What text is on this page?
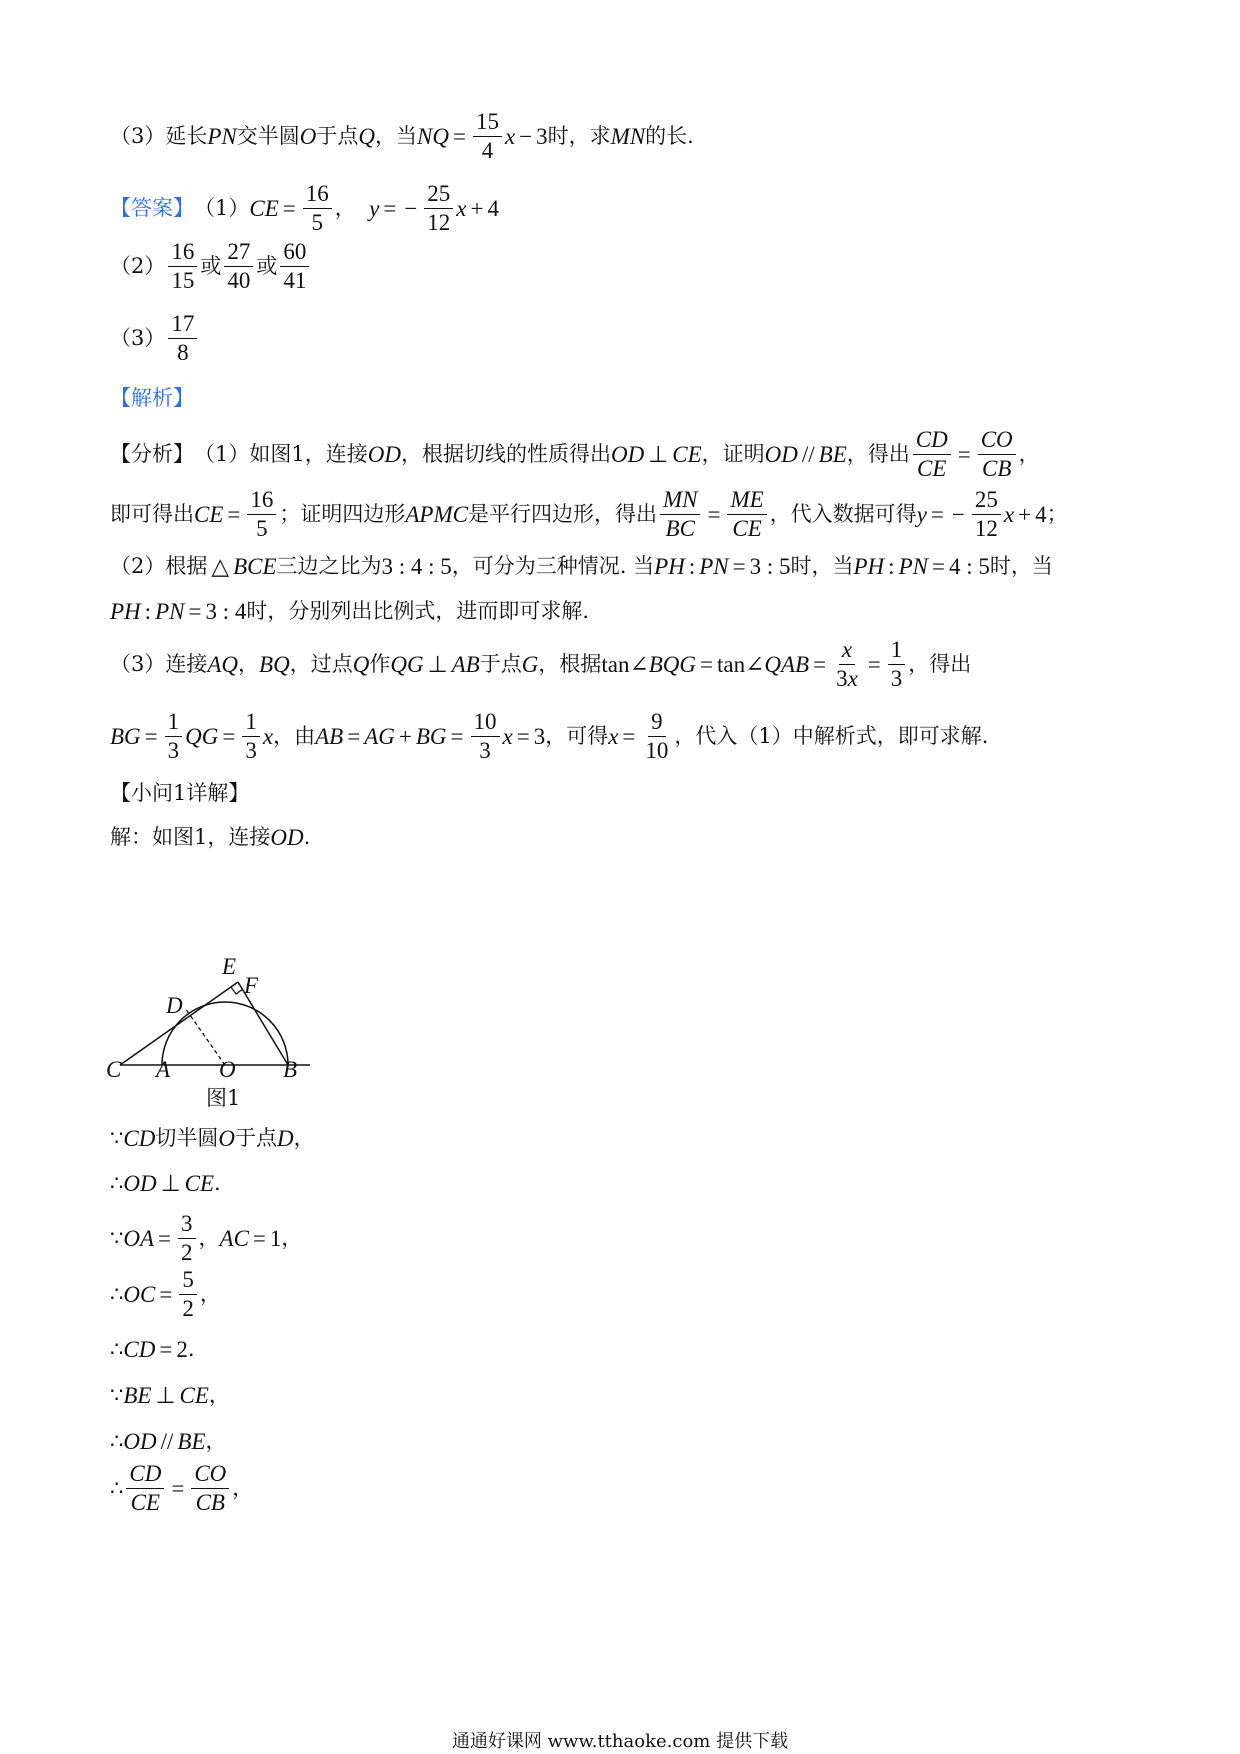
（3）延长 PN 交半圆 O 于点 Q ，当 NQ = $\frac{15}{4}$ x − 3 时，求 MN 的长.
【答案】 （1） CE = $\frac{16}{5}$ ，
y = − $\frac{25}{12}$ x + 4
$(2) \frac{16}{15}$ 或 $\frac{27}{40}$ 或 $\frac{60}{41}$
$(3) \frac{17}{8}$
【解析】
【分析】 （1）如图1，连接 OD ，根据切线的性质得出 OD ⊥ CE ，证明 OD // BE ，得出 $\frac{CD}{CE} = \frac{CO}{CB}$ ，
即可得出 CE = $\frac{16}{5}$ ；证明四边形 APMC 是平行四边形，得出 $\frac{MN}{BC} = \frac{ME}{CE}$ ，代入数据可得 y = − $\frac{25}{12}$ x + 4 ；
（2）根据 △ BCE 三边之比为 3 : 4 : 5 ，可分为三种情况. 当 PH : PN = 3 : 5 时，当 PH : PN = 4 : 5 时，当
PH : PN = 3 : 4 时，分别列出比例式，进而即可求解.
（3）连接 AQ ， BQ ，过点 Q 作 QG ⊥ AB 于点 G ，根据 tan∠ BQG = tan∠ QAB = $\frac{x}{3x} = \frac{1}{3}$ ，得出
BG = $\frac{1}{3}$ QG = $\frac{1}{3}$ x ，由 AB = AG + BG = $\frac{10}{3}$ x = 3 ，可得 $x = \frac{9}{10}$ ，代入（1）中解析式，即可求解.
【小问1详解】
解：如图1，连接 OD .
E
F
D
C A O B
图1
∵ CD 切半圆 O 于点 D ，
∴ OD ⊥ CE .
∵ OA = $\frac{3}{2}$ ， AC = 1 ，
∴ OC = $\frac{5}{2}$ ，
∴ CD = 2 .
∵ BE ⊥ CE ，
∴ OD // BE ，
∴ $\frac{CD}{CE} = \frac{CO}{CB}$ ，
通通好课网 www.tthaoke.com 提供下载
